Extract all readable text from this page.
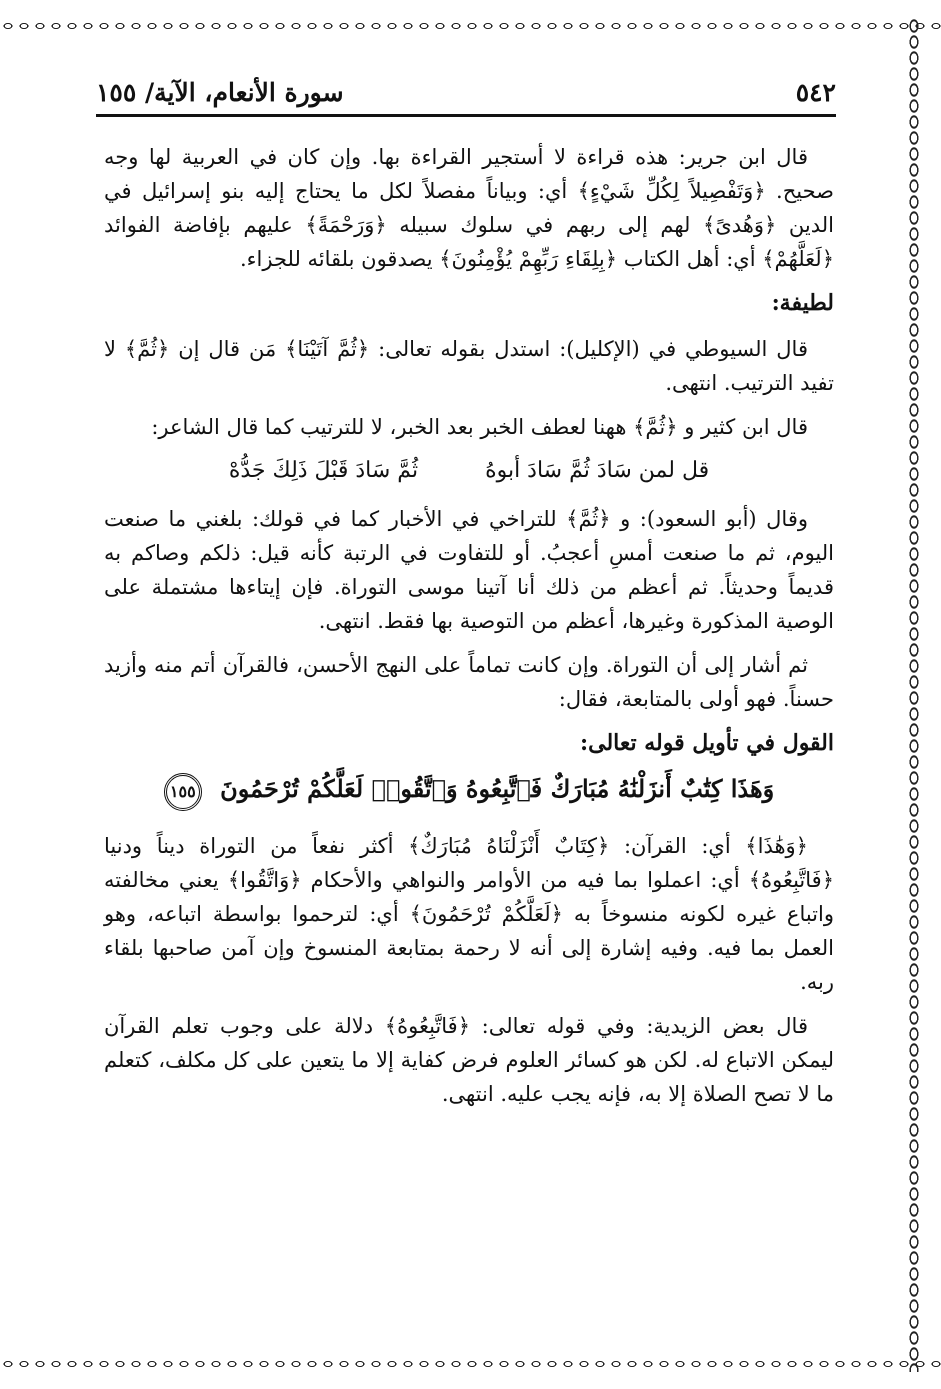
سورة الأنعام، الآية/ ١٥٥	٥٤٢

قال ابن جرير: هذه قراءة لا أستجير القراءة بها. وإن كان في العربية لها وجه صحيح. ﴿وَتَفْصِيلاً لِكُلِّ شَيْءٍ﴾ أي: وبياناً مفصلاً لكل ما يحتاج إليه بنو إسرائيل في الدين ﴿وَهُدىً﴾ لهم إلى ربهم في سلوك سبيله ﴿وَرَحْمَةً﴾ عليهم بإفاضة الفوائد ﴿لَعَلَّهُمْ﴾ أي: أهل الكتاب ﴿بِلِقَاءِ رَبِّهِمْ يُؤْمِنُونَ﴾ يصدقون بلقائه للجزاء.

لطيفة:

قال السيوطي في (الإكليل): استدل بقوله تعالى: ﴿ثُمَّ آتَيْنَا﴾ مَن قال إن ﴿ثُمَّ﴾ لا تفيد الترتيب. انتهى.

قال ابن كثير و ﴿ثُمَّ﴾ ههنا لعطف الخبر بعد الخبر، لا للترتيب كما قال الشاعر:

قل لمن سَادَ ثُمَّ سَادَ أبوهُ ثُمَّ سَادَ قَبْلَ ذَلِكَ جَدُّهْ

وقال (أبو السعود): و ﴿ثُمَّ﴾ للتراخي في الأخبار كما في قولك: بلغني ما صنعت اليوم، ثم ما صنعت أمسِ أعجبُ. أو للتفاوت في الرتبة كأنه قيل: ذلكم وصاكم به قديماً وحديثاً. ثم أعظم من ذلك أنا آتينا موسى التوراة. فإن إيتاءها مشتملة على الوصية المذكورة وغيرها، أعظم من التوصية بها فقط. انتهى.

ثم أشار إلى أن التوراة. وإن كانت تماماً على النهج الأحسن، فالقرآن أتم منه وأزيد حسناً. فهو أولى بالمتابعة، فقال:

القول في تأويل قوله تعالى:

وَهَذَا كِتَٰبٌ أَنزَلْنَٰهُ مُبَارَكٌ فَٱتَّبِعُوهُ وَٱتَّقُوا۟ لَعَلَّكُمْ تُرْحَمُونَ ١٥٥

﴿وَهَٰذَا﴾ أي: القرآن: ﴿كِتَابٌ أَنْزَلْنَاهُ مُبَارَكٌ﴾ أكثر نفعاً من التوراة ديناً ودنيا ﴿فَاتَّبِعُوهُ﴾ أي: اعملوا بما فيه من الأوامر والنواهي والأحكام ﴿وَاتَّقُوا﴾ يعني مخالفته واتباع غيره لكونه منسوخاً به ﴿لَعَلَّكُمْ تُرْحَمُونَ﴾ أي: لترحموا بواسطة اتباعه، وهو العمل بما فيه. وفيه إشارة إلى أنه لا رحمة بمتابعة المنسوخ وإن آمن صاحبها بلقاء ربه.

قال بعض الزيدية: وفي قوله تعالى: ﴿فَاتَّبِعُوهُ﴾ دلالة على وجوب تعلم القرآن ليمكن الاتباع له. لكن هو كسائر العلوم فرض كفاية إلا ما يتعين على كل مكلف، كتعلم ما لا تصح الصلاة إلا به، فإنه يجب عليه. انتهى.
